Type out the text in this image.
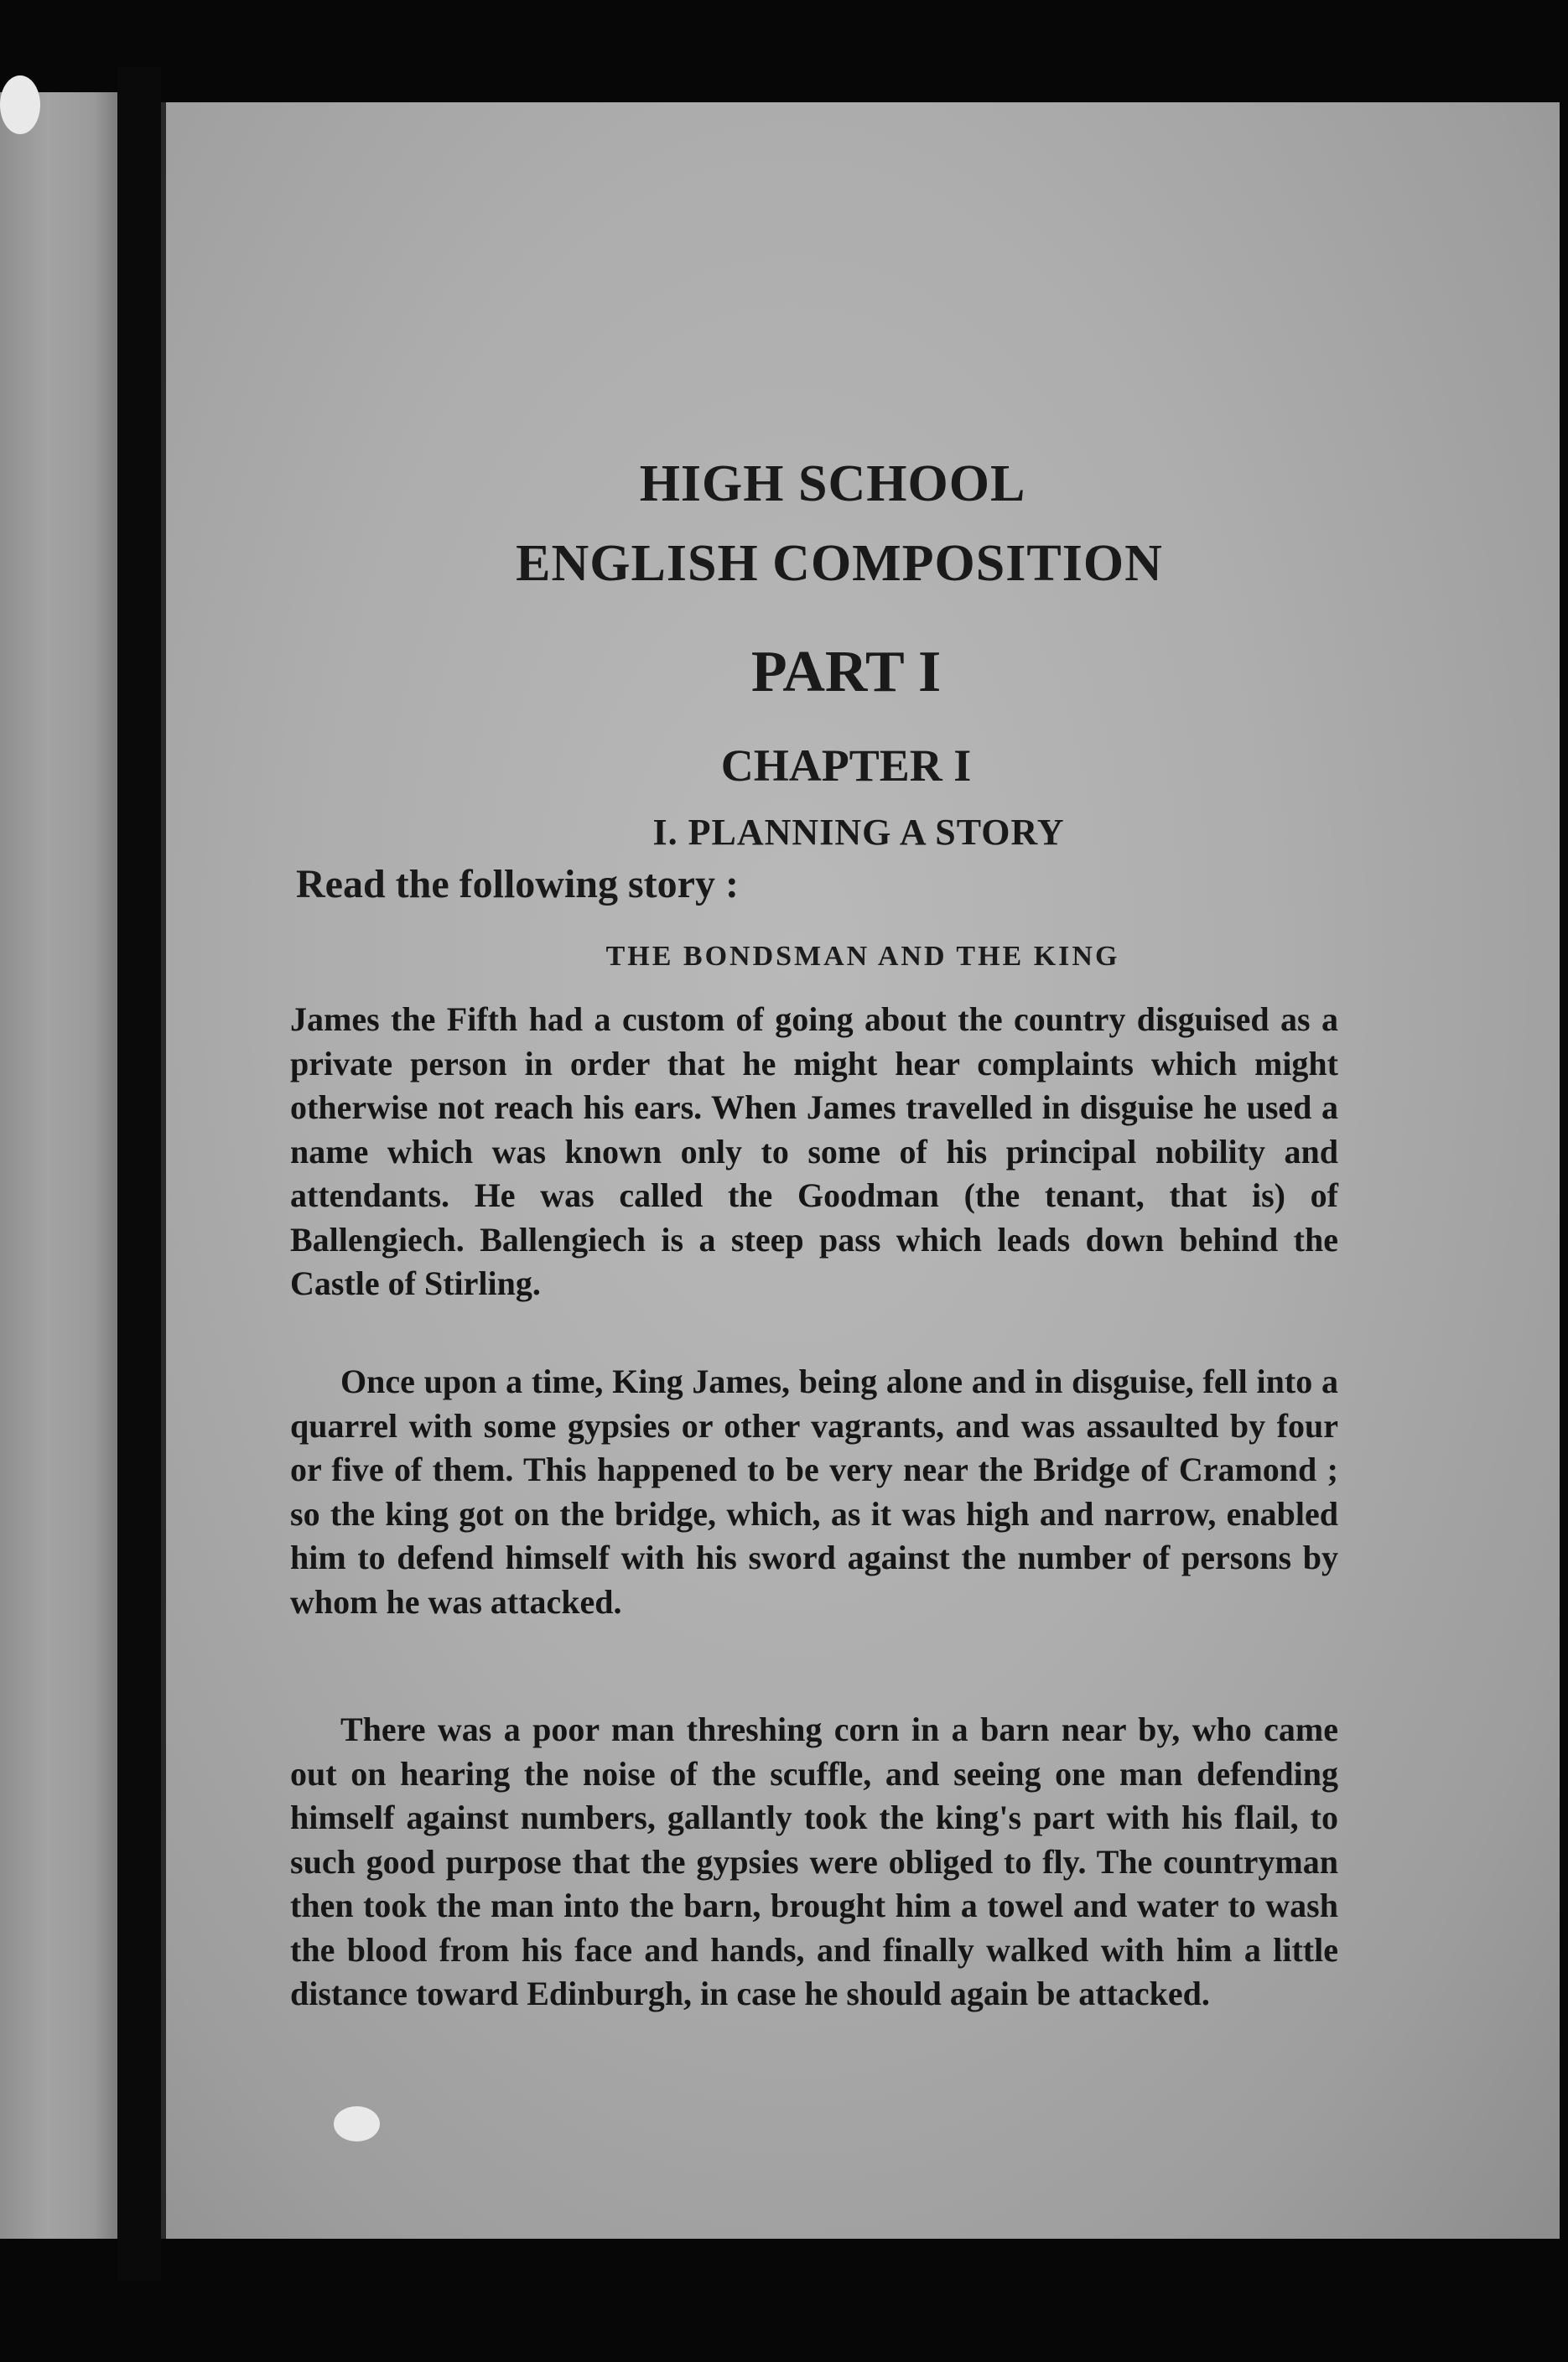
HIGH SCHOOL
ENGLISH COMPOSITION
PART I
CHAPTER I
I. PLANNING A STORY
Read the following story :
THE BONDSMAN AND THE KING

James the Fifth had a custom of going about the country disguised as a private person in order that he might hear complaints which might otherwise not reach his ears. When James travelled in disguise he used a name which was known only to some of his principal nobility and attendants. He was called the Goodman (the tenant, that is) of Ballengiech. Ballengiech is a steep pass which leads down behind the Castle of Stirling.

Once upon a time, King James, being alone and in disguise, fell into a quarrel with some gypsies or other vagrants, and was assaulted by four or five of them. This happened to be very near the Bridge of Cramond ; so the king got on the bridge, which, as it was high and narrow, enabled him to defend himself with his sword against the number of persons by whom he was attacked.

There was a poor man threshing corn in a barn near by, who came out on hearing the noise of the scuffle, and seeing one man defending himself against numbers, gallantly took the king's part with his flail, to such good purpose that the gypsies were obliged to fly. The countryman then took the man into the barn, brought him a towel and water to wash the blood from his face and hands, and finally walked with him a little distance toward Edinburgh, in case he should again be attacked.
